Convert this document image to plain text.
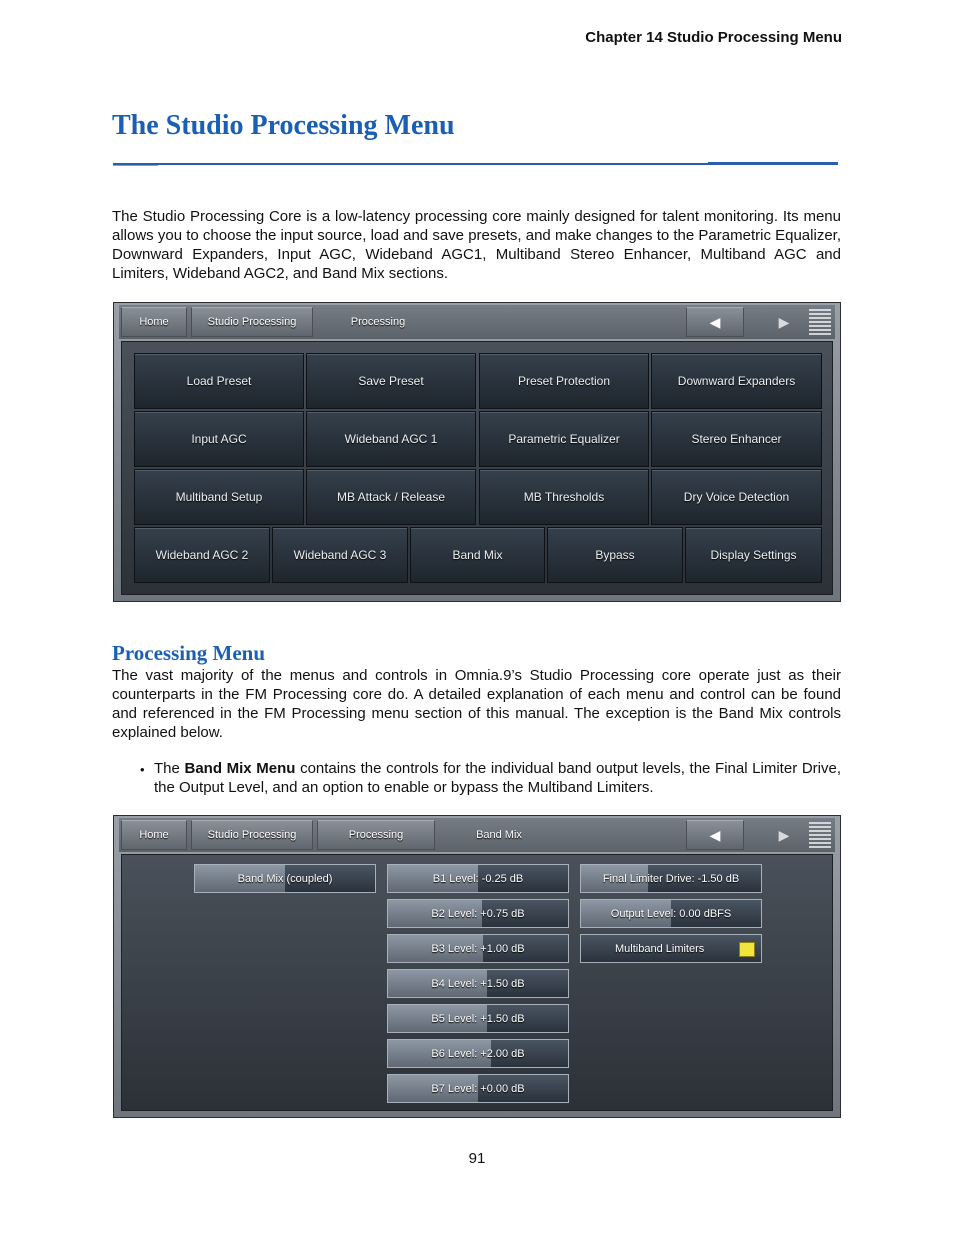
Chapter 14 Studio Processing Menu
The Studio Processing Menu

The Studio Processing Core is a low-latency processing core mainly designed for talent monitoring. Its menu allows you to choose the input source, load and save presets, and make changes to the Parametric Equalizer, Downward Expanders, Input AGC, Wideband AGC1, Multiband Stereo Enhancer, Multiband AGC and Limiters, Wideband AGC2, and Band Mix sections.

Home	Studio Processing	Processing	◀	▶
Load Preset	Save Preset	Preset Protection	Downward Expanders
Input AGC	Wideband AGC 1	Parametric Equalizer	Stereo Enhancer
Multiband Setup	MB Attack / Release	MB Thresholds	Dry Voice Detection
Wideband AGC 2	Wideband AGC 3	Band Mix	Bypass	Display Settings
Processing Menu

The vast majority of the menus and controls in Omnia.9’s Studio Processing core operate just as their counterparts in the FM Processing core do. A detailed explanation of each menu and control can be found and referenced in the FM Processing menu section of this manual. The exception is the Band Mix controls explained below.

• The Band Mix Menu contains the controls for the individual band output levels, the Final Limiter Drive, the Output Level, and an option to enable or bypass the Multiband Limiters.

Home	Studio Processing	Processing	Band Mix	◀	▶
Band Mix (coupled)	B1 Level: -0.25 dB
B2 Level: +0.75 dB
B3 Level: +1.00 dB
B4 Level: +1.50 dB
B5 Level: +1.50 dB
B6 Level: +2.00 dB
B7 Level: +0.00 dB
Final Limiter Drive: -1.50 dB
Output Level: 0.00 dBFS
Multiband Limiters
91
